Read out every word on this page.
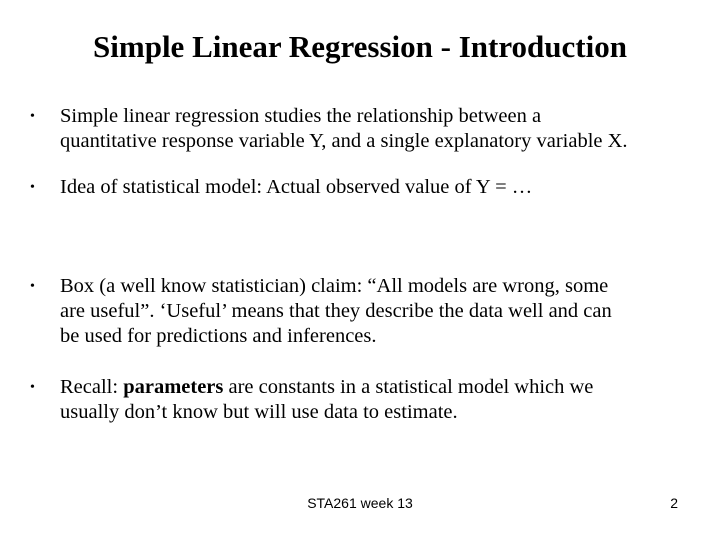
Simple Linear Regression - Introduction
•	Simple linear regression studies the relationship between a
quantitative response variable Y, and a single explanatory variable X.
•	Idea of statistical model: Actual observed value of Y = …
•	Box (a well know statistician) claim: “All models are wrong, some
are useful”. ‘Useful’ means that they describe the data well and can
be used for predictions and inferences.
•	Recall: parameters are constants in a statistical model which we
usually don’t know but will use data to estimate.
STA261 week 13	2
